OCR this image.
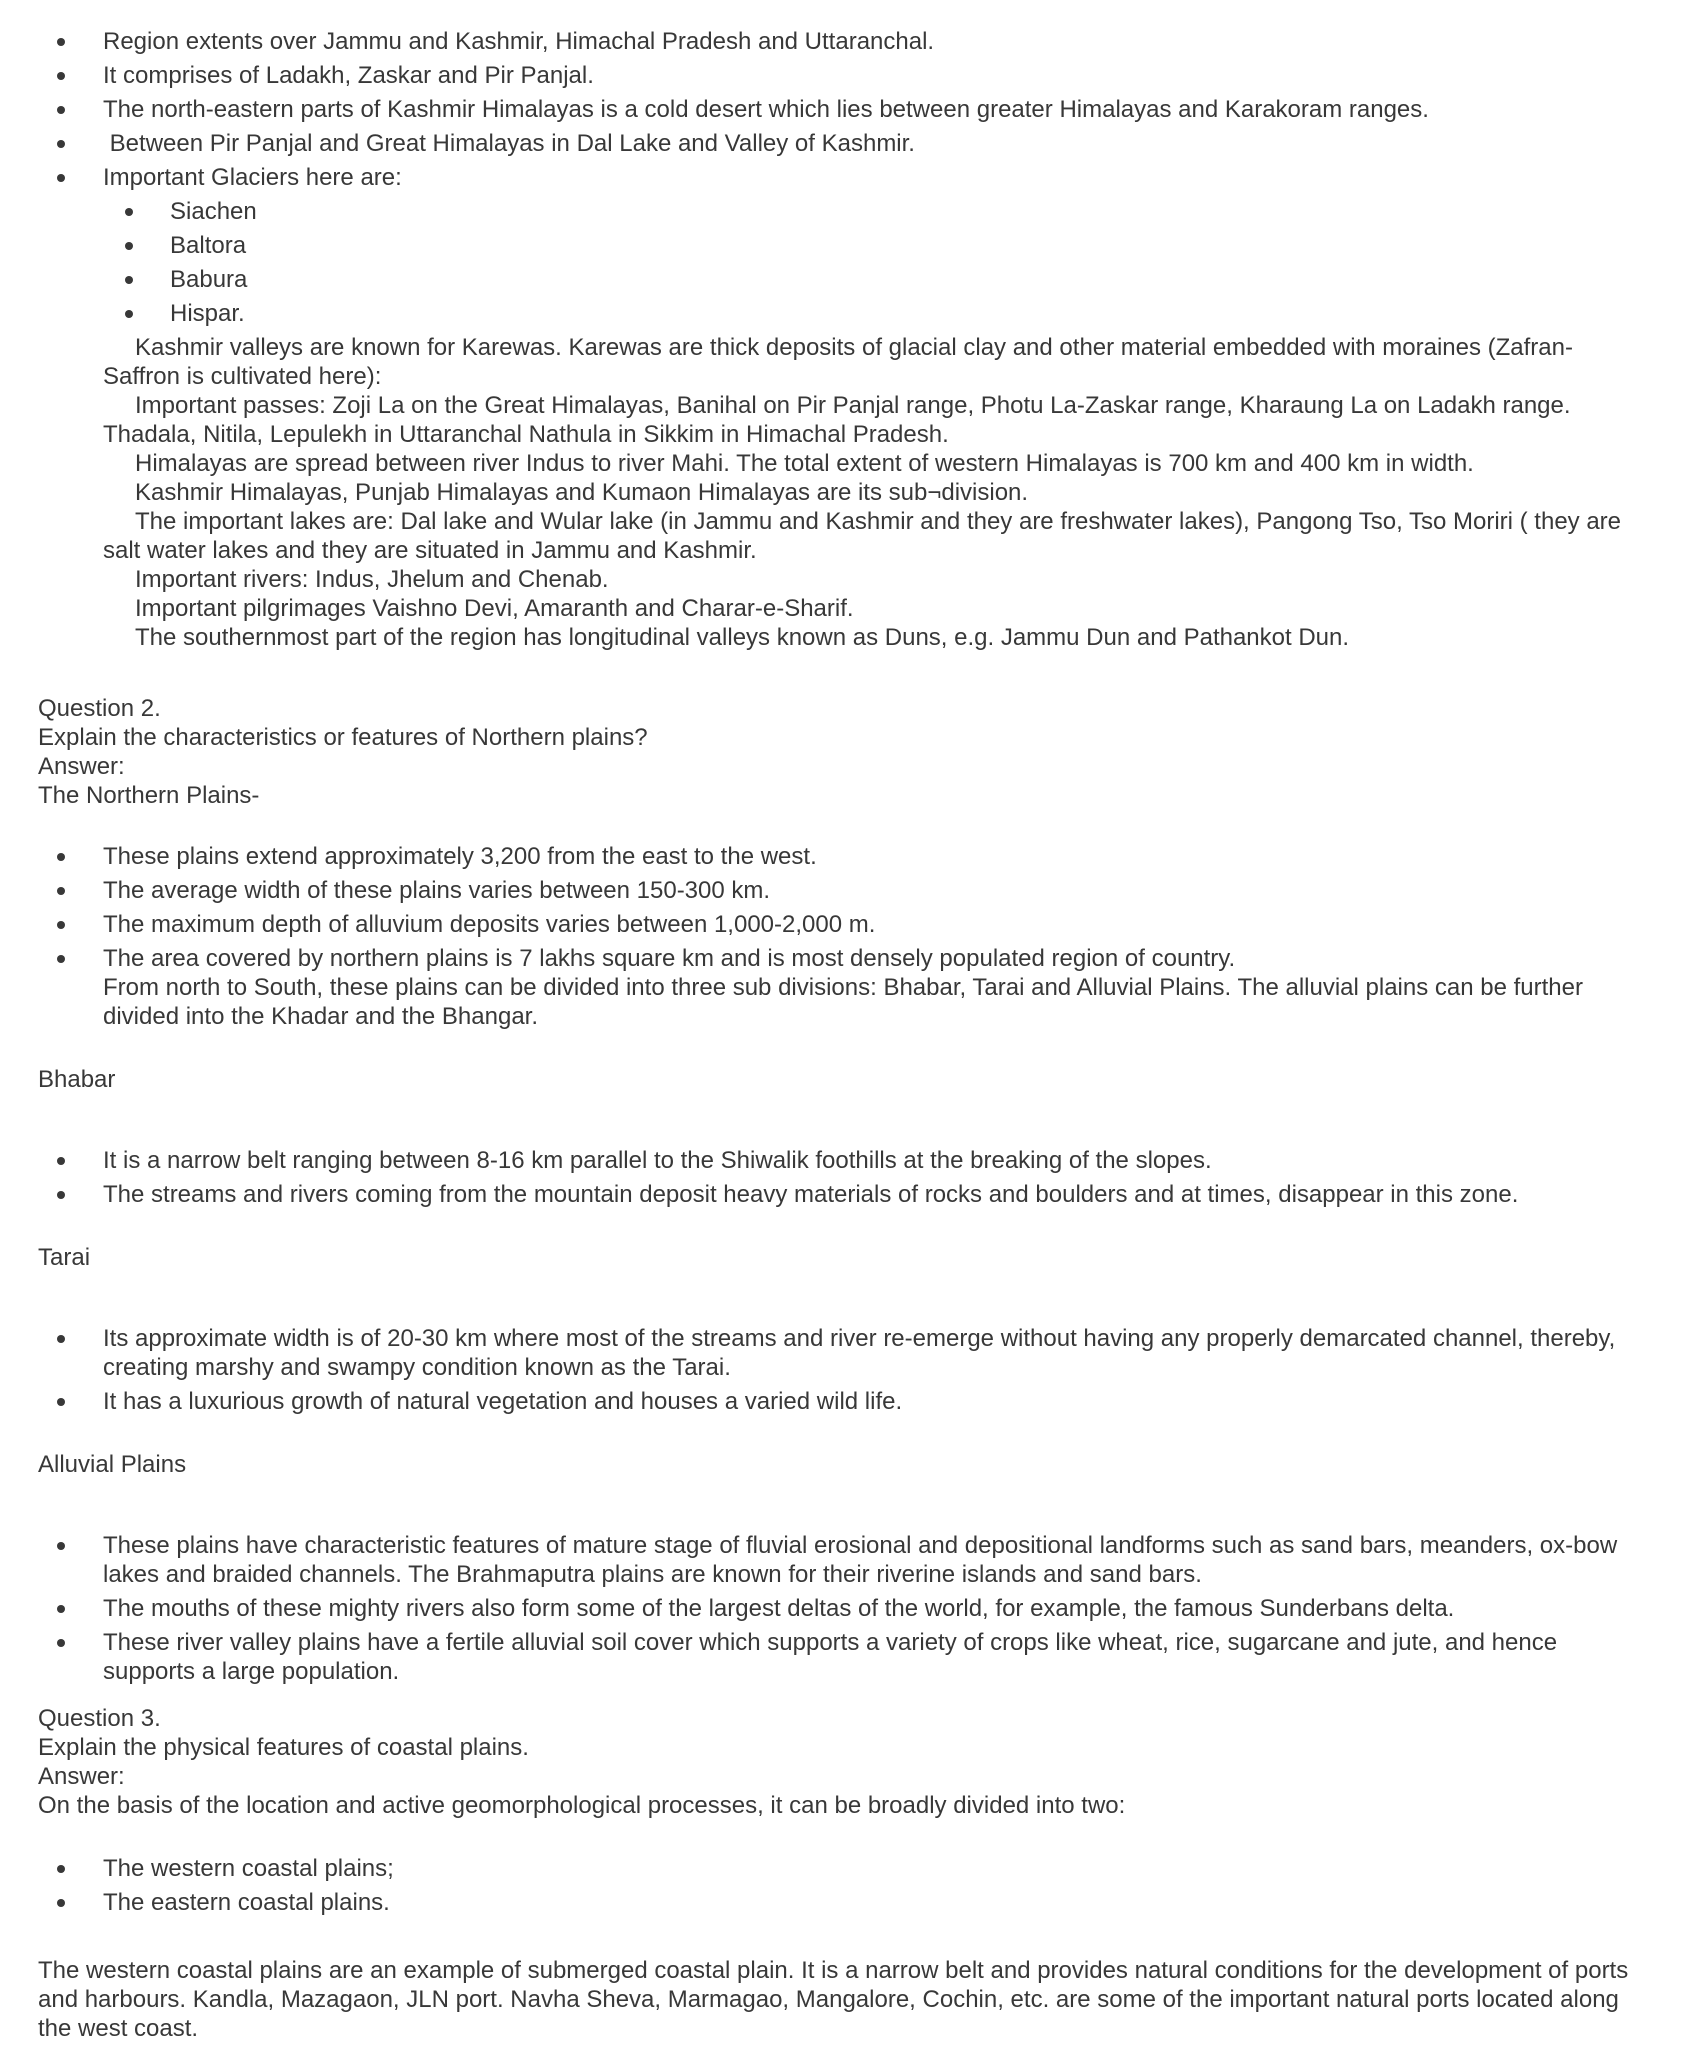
Region extents over Jammu and Kashmir, Himachal Pradesh and Uttaranchal.
It comprises of Ladakh, Zaskar and Pir Panjal.
The north-eastern parts of Kashmir Himalayas is a cold desert which lies between greater Himalayas and Karakoram ranges.
Between Pir Panjal and Great Himalayas in Dal Lake and Valley of Kashmir.
Important Glaciers here are:
Siachen
Baltora
Babura
Hispar.

Kashmir valleys are known for Karewas. Karewas are thick deposits of glacial clay and other material embedded with moraines (Zafran-Saffron is cultivated here):

Important passes: Zoji La on the Great Himalayas, Banihal on Pir Panjal range, Photu La-Zaskar range, Kharaung La on Ladakh range. Thadala, Nitila, Lepulekh in Uttaranchal Nathula in Sikkim in Himachal Pradesh.

Himalayas are spread between river Indus to river Mahi. The total extent of western Himalayas is 700 km and 400 km in width.

Kashmir Himalayas, Punjab Himalayas and Kumaon Himalayas are its sub¬division.

The important lakes are: Dal lake and Wular lake (in Jammu and Kashmir and they are freshwater lakes), Pangong Tso, Tso Moriri ( they are salt water lakes and they are situated in Jammu and Kashmir.

Important rivers: Indus, Jhelum and Chenab.

Important pilgrimages Vaishno Devi, Amaranth and Charar-e-Sharif.

The southernmost part of the region has longitudinal valleys known as Duns, e.g. Jammu Dun and Pathankot Dun.

Question 2.

Explain the characteristics or features of Northern plains?

Answer:

The Northern Plains-

These plains extend approximately 3,200 from the east to the west.
The average width of these plains varies between 150-300 km.
The maximum depth of alluvium deposits varies between 1,000-2,000 m.
The area covered by northern plains is 7 lakhs square km and is most densely populated region of country.
From north to South, these plains can be divided into three sub divisions: Bhabar, Tarai and Alluvial Plains. The alluvial plains can be further divided into the Khadar and the Bhangar.

Bhabar

It is a narrow belt ranging between 8-16 km parallel to the Shiwalik foothills at the breaking of the slopes.
The streams and rivers coming from the mountain deposit heavy materials of rocks and boulders and at times, disappear in this zone.

Tarai

Its approximate width is of 20-30 km where most of the streams and river re-emerge without having any properly demarcated channel, thereby, creating marshy and swampy condition known as the Tarai.
It has a luxurious growth of natural vegetation and houses a varied wild life.

Alluvial Plains

These plains have characteristic features of mature stage of fluvial erosional and depositional landforms such as sand bars, meanders, ox-bow lakes and braided channels. The Brahmaputra plains are known for their riverine islands and sand bars.
The mouths of these mighty rivers also form some of the largest deltas of the world, for example, the famous Sunderbans delta.
These river valley plains have a fertile alluvial soil cover which supports a variety of crops like wheat, rice, sugarcane and jute, and hence supports a large population.

Question 3.

Explain the physical features of coastal plains.

Answer:

On the basis of the location and active geomorphological processes, it can be broadly divided into two:

The western coastal plains;
The eastern coastal plains.

The western coastal plains are an example of submerged coastal plain. It is a narrow belt and provides natural conditions for the development of ports and harbours. Kandla, Mazagaon, JLN port. Navha Sheva, Marmagao, Mangalore, Cochin, etc. are some of the important natural ports located along the west coast.
